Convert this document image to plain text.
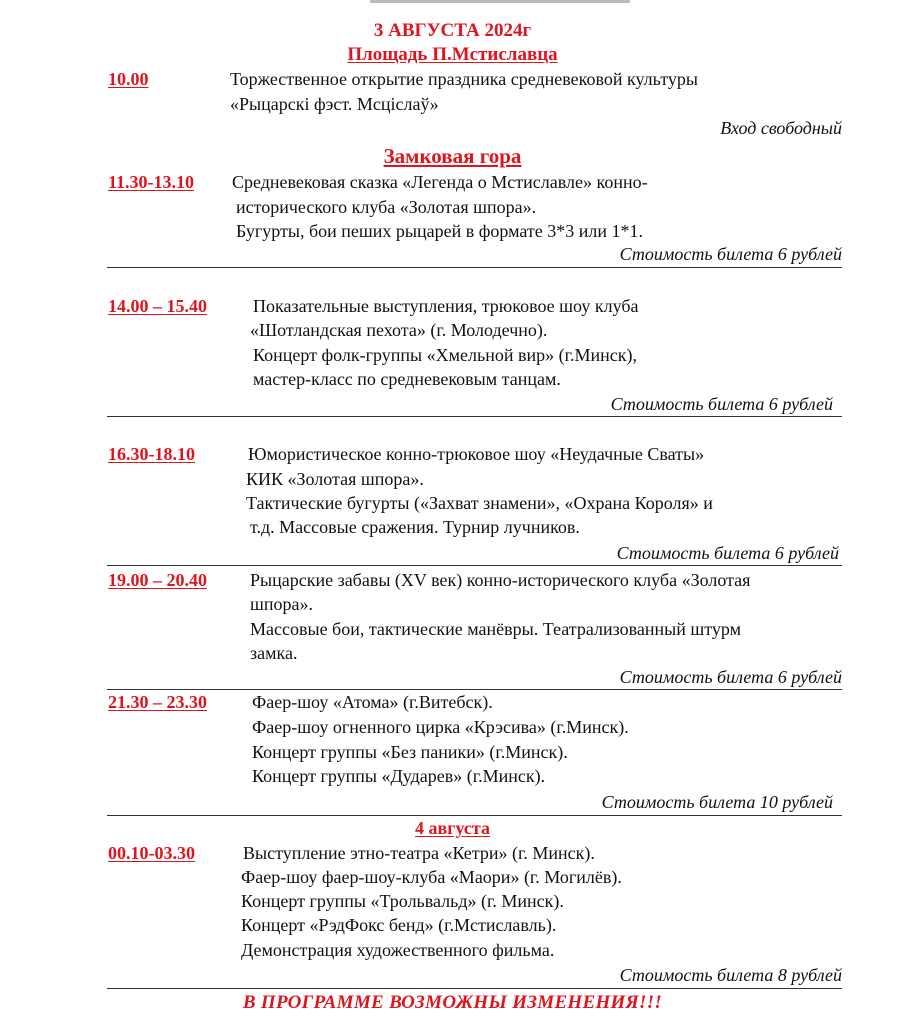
3 АВГУСТА 2024г
Площадь П.Мстиславца
10.00	Торжественное открытие праздника средневековой культуры
«Рыцарскі фэст. Мсціслаў»
Вход свободный
Замковая гора
11.30-13.10 Средневековая сказка «Легенда о Мстиславле» конно-
исторического клуба «Золотая шпора».
Бугурты, бои пеших рыцарей в формате 3*3 или 1*1.
Стоимость билета 6 рублей
14.00 – 15.40	Показательные выступления, трюковое шоу клуба
«Шотландская пехота» (г. Молодечно).
Концерт фолк-группы «Хмельной вир» (г.Минск),
мастер-класс по средневековым танцам.
Стоимость билета 6 рублей
16.30-18.10	Юмористическое конно-трюковое шоу «Неудачные Сваты»
КИК «Золотая шпора».
Тактические бугурты («Захват знамени», «Охрана Короля» и
т.д. Массовые сражения. Турнир лучников.
Стоимость билета 6 рублей
19.00 – 20.40 Рыцарские забавы (XV век) конно-исторического клуба «Золотая
шпора».
Массовые бои, тактические манёвры. Театрализованный штурм
замка.
Стоимость билета 6 рублей
21.30 – 23.30	Фаер-шоу «Атома» (г.Витебск).
Фаер-шоу огненного цирка «Крэсива» (г.Минск).
Концерт группы «Без паники» (г.Минск).
Концерт группы «Дударев» (г.Минск).
Стоимость билета 10 рублей
4 августа
00.10-03.30	Выступление этно-театра «Кетри» (г. Минск).
Фаер-шоу фаер-шоу-клуба «Маори» (г. Могилёв).
Концерт группы «Трольвальд» (г. Минск).
Концерт «РэдФокс бенд» (г.Мстиславль).
Демонстрация художественного фильма.
Стоимость билета 8 рублей
В ПРОГРАММЕ ВОЗМОЖНЫ ИЗМЕНЕНИЯ!!!
